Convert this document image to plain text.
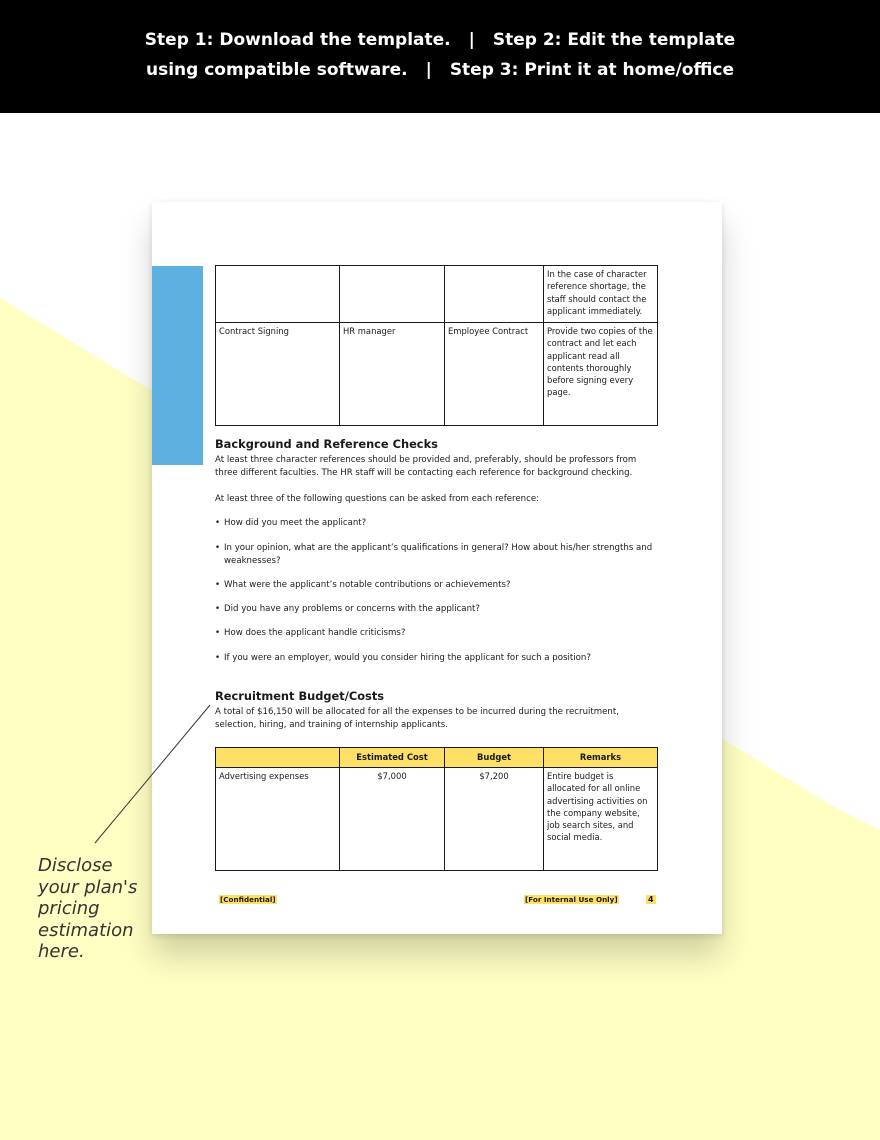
Step 1: Download the template. | Step 2: Edit the template
using compatible software. | Step 3: Print it at home/office
			In the case of character reference shortage, the staff should contact the applicant immediately.
Contract Signing	HR manager	Employee Contract	Provide two copies of the contract and let each applicant read all contents thoroughly before signing every page.
Background and Reference Checks
At least three character references should be provided and, preferably, should be professors from three different faculties. The HR staff will be contacting each reference for background checking.
At least three of the following questions can be asked from each reference:
• How did you meet the applicant?
• In your opinion, what are the applicant’s qualifications in general? How about his/her strengths and weaknesses?
• What were the applicant’s notable contributions or achievements?
• Did you have any problems or concerns with the applicant?
• How does the applicant handle criticisms?
• If you were an employer, would you consider hiring the applicant for such a position?
Recruitment Budget/Costs
A total of $16,150 will be allocated for all the expenses to be incurred during the recruitment, selection, hiring, and training of internship applicants.
	Estimated Cost	Budget	Remarks
Advertising expenses	$7,000	$7,200	Entire budget is allocated for all online advertising activities on the company website, job search sites, and social media.
[Confidential]	[For Internal Use Only]	4
Disclose
your plan's
pricing
estimation
here.
